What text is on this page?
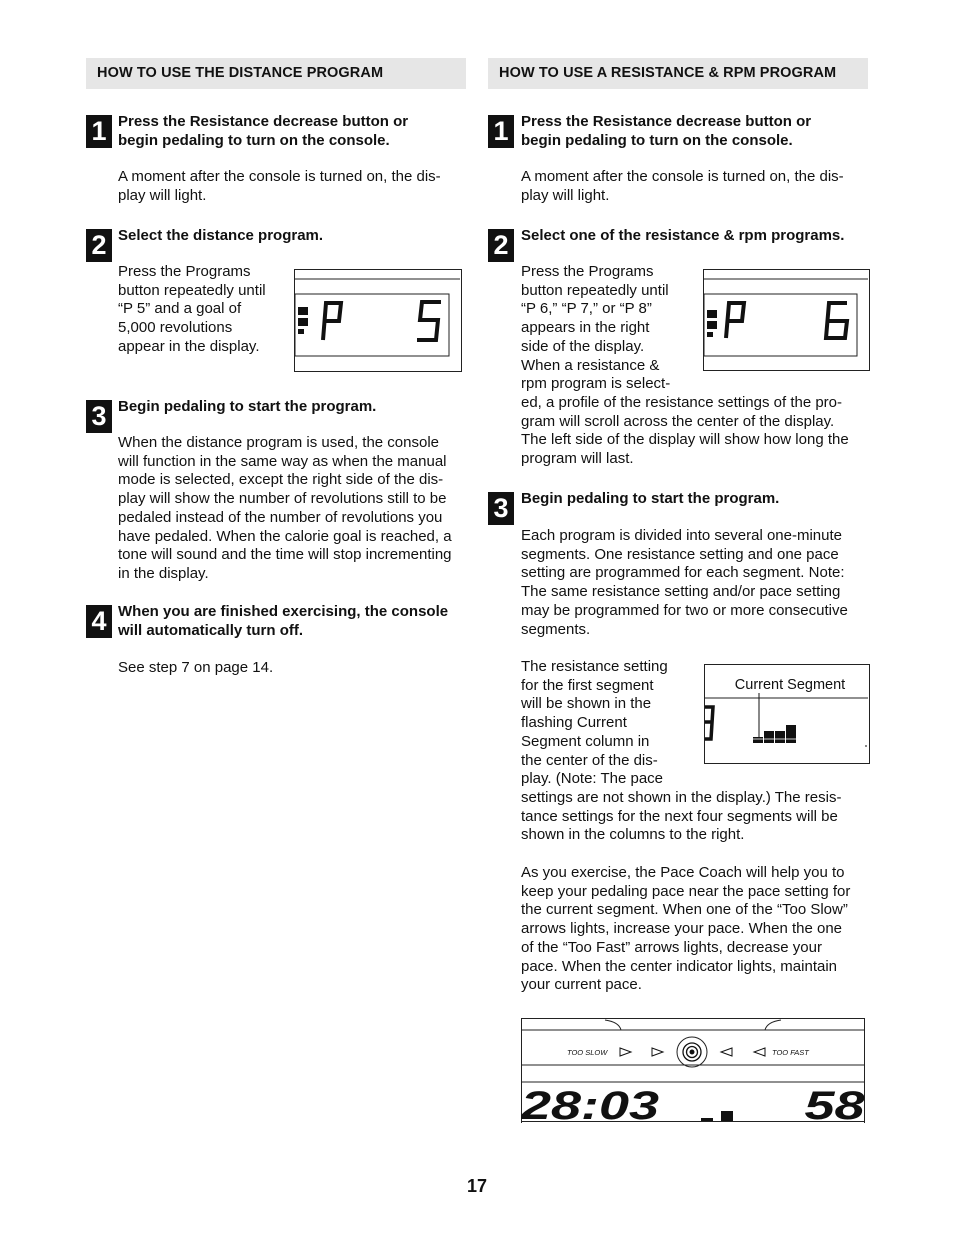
HOW TO USE THE DISTANCE PROGRAM
1 Press the Resistance decrease button or
begin pedaling to turn on the console.
A moment after the console is turned on, the dis-
play will light.
2 Select the distance program.
Press the Programs
button repeatedly until
“P 5” and a goal of
5,000 revolutions
appear in the display.
3 Begin pedaling to start the program.
When the distance program is used, the console
will function in the same way as when the manual
mode is selected, except the right side of the dis-
play will show the number of revolutions still to be
pedaled instead of the number of revolutions you
have pedaled. When the calorie goal is reached, a
tone will sound and the time will stop incrementing
in the display.
4 When you are finished exercising, the console
will automatically turn off.
See step 7 on page 14.
HOW TO USE A RESISTANCE & RPM PROGRAM
1 Press the Resistance decrease button or
begin pedaling to turn on the console.
A moment after the console is turned on, the dis-
play will light.
2 Select one of the resistance & rpm programs.
Press the Programs
button repeatedly until
“P 6,” “P 7,” or “P 8”
appears in the right
side of the display.
When a resistance &
rpm program is select-
ed, a profile of the resistance settings of the pro-
gram will scroll across the center of the display.
The left side of the display will show how long the
program will last.
3 Begin pedaling to start the program.
Each program is divided into several one-minute
segments. One resistance setting and one pace
setting are programmed for each segment. Note:
The same resistance setting and/or pace setting
may be programmed for two or more consecutive
segments.
The resistance setting
for the first segment
will be shown in the
flashing Current
Segment column in
the center of the dis-
play. (Note: The pace
settings are not shown in the display.) The resis-
tance settings for the next four segments will be
shown in the columns to the right.
As you exercise, the Pace Coach will help you to
keep your pedaling pace near the pace setting for
the current segment. When one of the “Too Slow”
arrows lights, increase your pace. When the one
of the “Too Fast” arrows lights, decrease your
pace. When the center indicator lights, maintain
your current pace.
Current Segment
TOO SLOW	TOO FAST
28:03	58
17
